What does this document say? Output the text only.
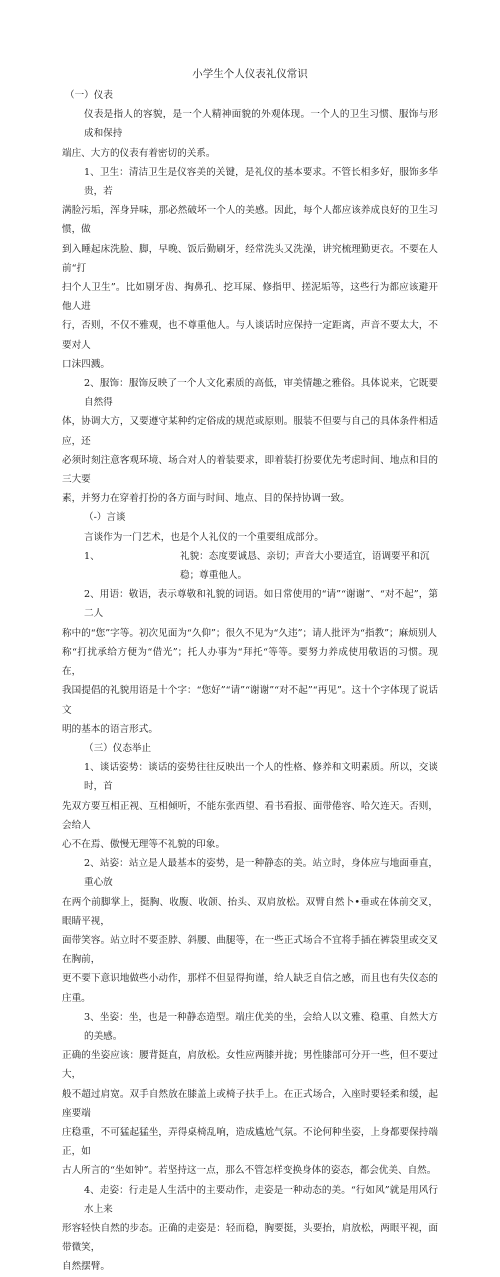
小学生个人仪表礼仪常识

（一）仪表

仪表是指人的容貌，是一个人精神面貌的外观体现。一个人的卫生习惯、服饰与形成和保持

端庄、大方的仪表有着密切的关系。

1、卫生：清洁卫生是仪容美的关键，是礼仪的基本要求。不管长相多好，服饰多华贵，若

满脸污垢，浑身异味，那必然破坏一个人的美感。因此，每个人都应该养成良好的卫生习惯，做

到入睡起床洗脸、脚，早晚、饭后勤刷牙，经常洗头又洗澡，讲究梳理勤更衣。不要在人前“打

扫个人卫生”。比如剔牙齿、掏鼻孔、挖耳屎、修指甲、搓泥垢等，这些行为都应该避开他人进

行，否则，不仅不雅观，也不尊重他人。与人谈话时应保持一定距离，声音不要太大，不要对人

口沫四溅。

2、服饰：服饰反映了一个人文化素质的高低，审美情趣之雅俗。具体说来，它既要自然得

体，协调大方，又要遵守某种约定俗成的规范或原则。服装不但要与自己的具体条件相适应，还

必须时刻注意客观环境、场合对人的着装要求，即着装打扮要优先考虑时间、地点和目的三大要

素，并努力在穿着打扮的各方面与时间、地点、目的保持协调一致。

（-）言谈

言谈作为一门艺术，也是个人礼仪的一个重要组成部分。

1、	礼貌：态度要诚恳、亲切；声音大小要适宜，语调要平和沉稳；尊重他人。

2、用语：敬语，表示尊敬和礼貌的词语。如日常使用的“请”“谢谢”、“对不起”，第二人

称中的“您”字等。初次见面为“久仰”；很久不见为“久违”；请人批评为“指教”；麻烦别人

称“打扰承给方便为“借光”；托人办事为“拜托“等等。要努力养成使用敬语的习惯。现在，

我国提倡的礼貌用语是十个字：“您好”“请”“谢谢”“对不起”“再见”。这十个字体现了说话文

明的基本的语言形式。

（三）仪态举止

1、谈话姿势：谈话的姿势往往反映出一个人的性格、修养和文明素质。所以，交谈时，首

先双方要互相正视、互相倾听，不能东张西望、看书看报、面带倦容、哈欠连天。否则，会给人

心不在焉、傲慢无理等不礼貌的印象。

2、站姿：站立是人最基本的姿势，是一种静态的美。站立时，身体应与地面垂直，重心放

在两个前脚掌上，挺胸、收腹、收颌、抬头、双肩放松。双臂自然卜•垂或在体前交叉，眼睛平视，

面带笑容。站立时不要歪脖、斜腰、曲腿等，在一些正式场合不宜将手插在裤袋里或交叉在胸前，

更不要下意识地做些小动作，那样不但显得拘谨，给人缺乏自信之感，而且也有失仪态的庄重。

3、坐姿：坐，也是一种静态造型。端庄优美的坐，会给人以文雅、稳重、自然大方的美感。

正确的坐姿应该：腰背挺直，肩放松。女性应两膝并拢；男性膝部可分开一些，但不要过大，

般不超过肩宽。双手自然放在膝盖上或椅子扶手上。在正式场合，入座时要轻柔和缓，起座要端

庄稳重，不可猛起猛坐，弄得桌椅乱响，造成尴尬气氛。不论何种坐姿，上身都要保持端正，如

古人所言的“坐如钟”。若坚持这一点，那么不管怎样变换身体的姿态，都会优美、自然。

4、走姿：行走是人生活中的主要动作，走姿是一种动态的美。“行如风”就是用风行水上来

形容轻快自然的步态。正确的走姿是：轻而稳，胸要挺，头要抬，肩放松，两眼平视，面带微笑，

自然摆臂。
